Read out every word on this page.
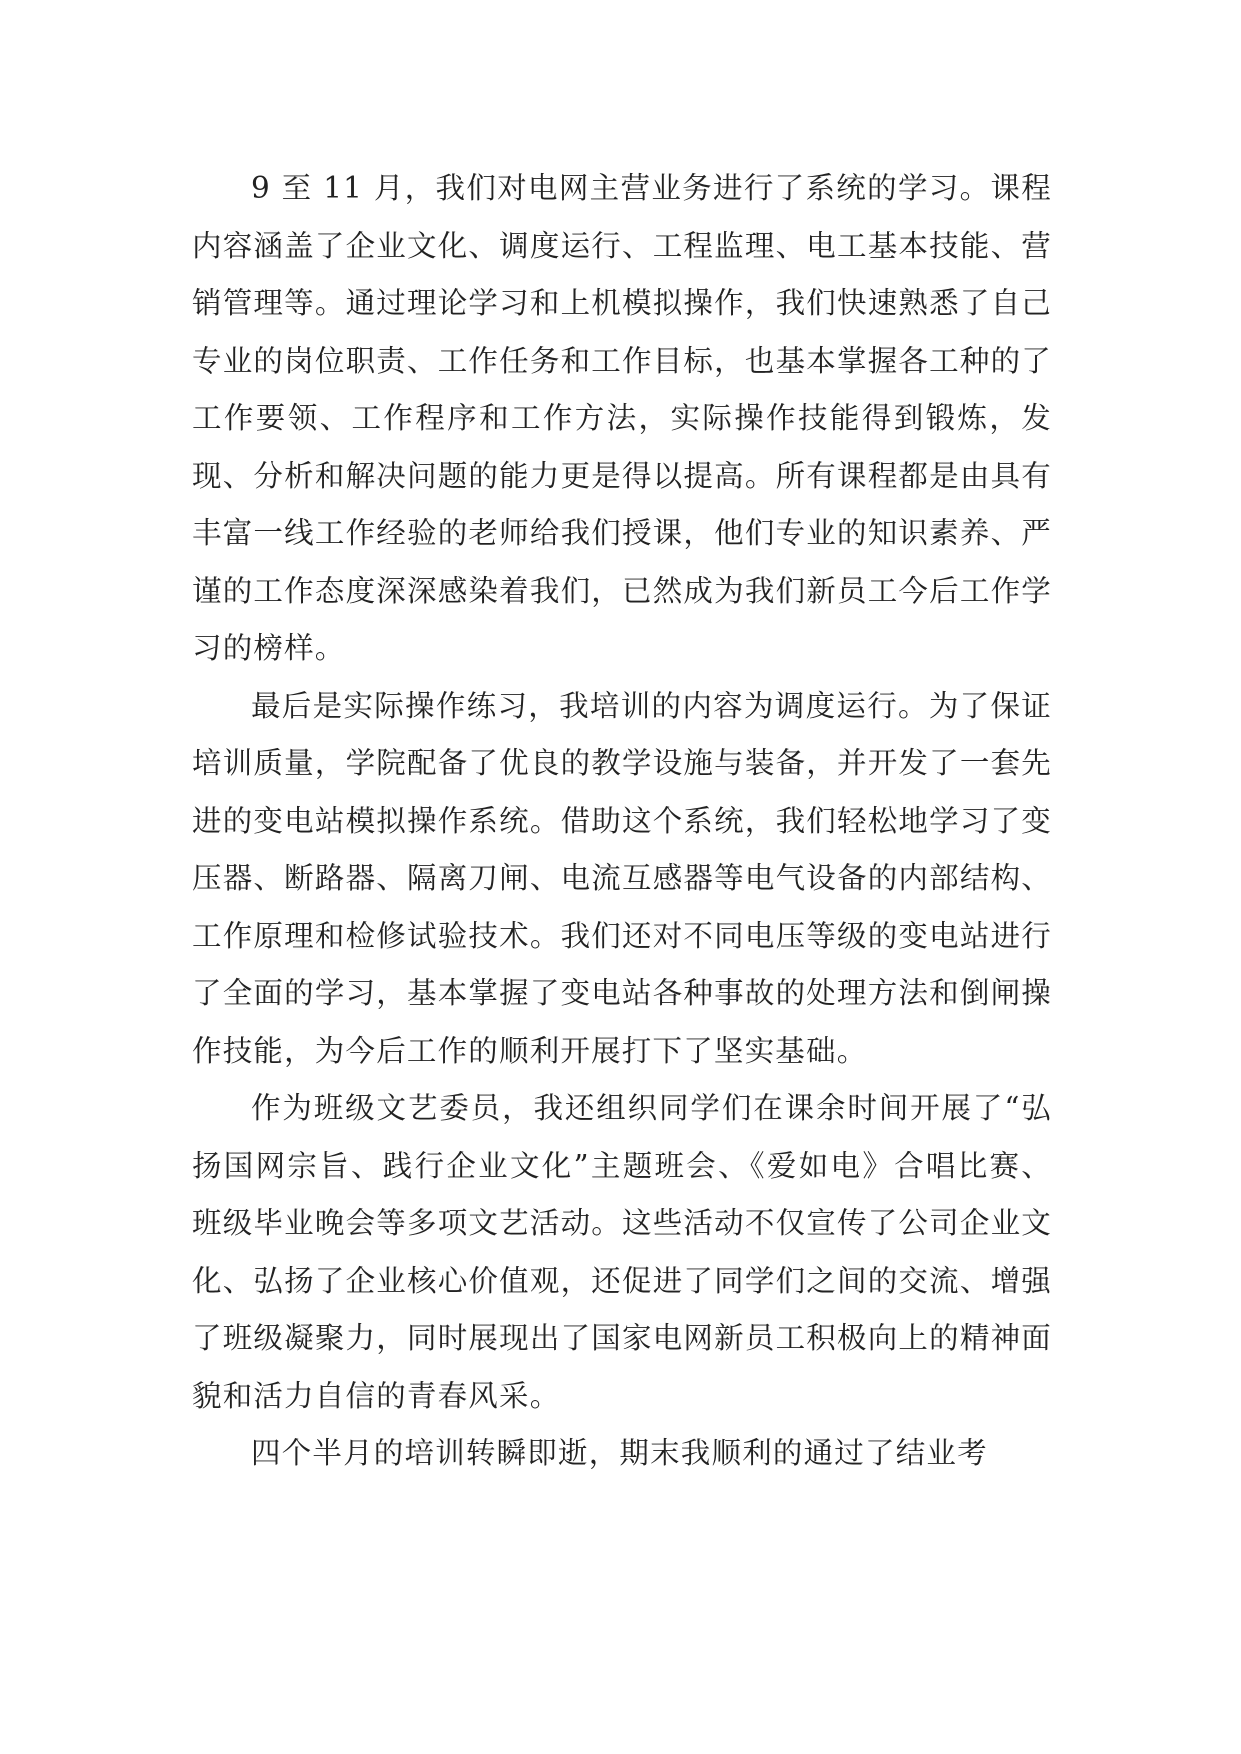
9 至 11 月，我们对电网主营业务进行了系统的学习。课程内容涵盖了企业文化、调度运行、工程监理、电工基本技能、营销管理等。通过理论学习和上机模拟操作，我们快速熟悉了自己专业的岗位职责、工作任务和工作目标，也基本掌握各工种的了工作要领、工作程序和工作方法，实际操作技能得到锻炼，发现、分析和解决问题的能力更是得以提高。所有课程都是由具有丰富一线工作经验的老师给我们授课，他们专业的知识素养、严谨的工作态度深深感染着我们，已然成为我们新员工今后工作学习的榜样。

最后是实际操作练习，我培训的内容为调度运行。为了保证培训质量，学院配备了优良的教学设施与装备，并开发了一套先进的变电站模拟操作系统。借助这个系统，我们轻松地学习了变压器、断路器、隔离刀闸、电流互感器等电气设备的内部结构、工作原理和检修试验技术。我们还对不同电压等级的变电站进行了全面的学习，基本掌握了变电站各种事故的处理方法和倒闸操作技能，为今后工作的顺利开展打下了坚实基础。

作为班级文艺委员，我还组织同学们在课余时间开展了“弘扬国网宗旨、践行企业文化”主题班会、《爱如电》合唱比赛、班级毕业晚会等多项文艺活动。这些活动不仅宣传了公司企业文化、弘扬了企业核心价值观，还促进了同学们之间的交流、增强了班级凝聚力，同时展现出了国家电网新员工积极向上的精神面貌和活力自信的青春风采。

四个半月的培训转瞬即逝，期末我顺利的通过了结业考
